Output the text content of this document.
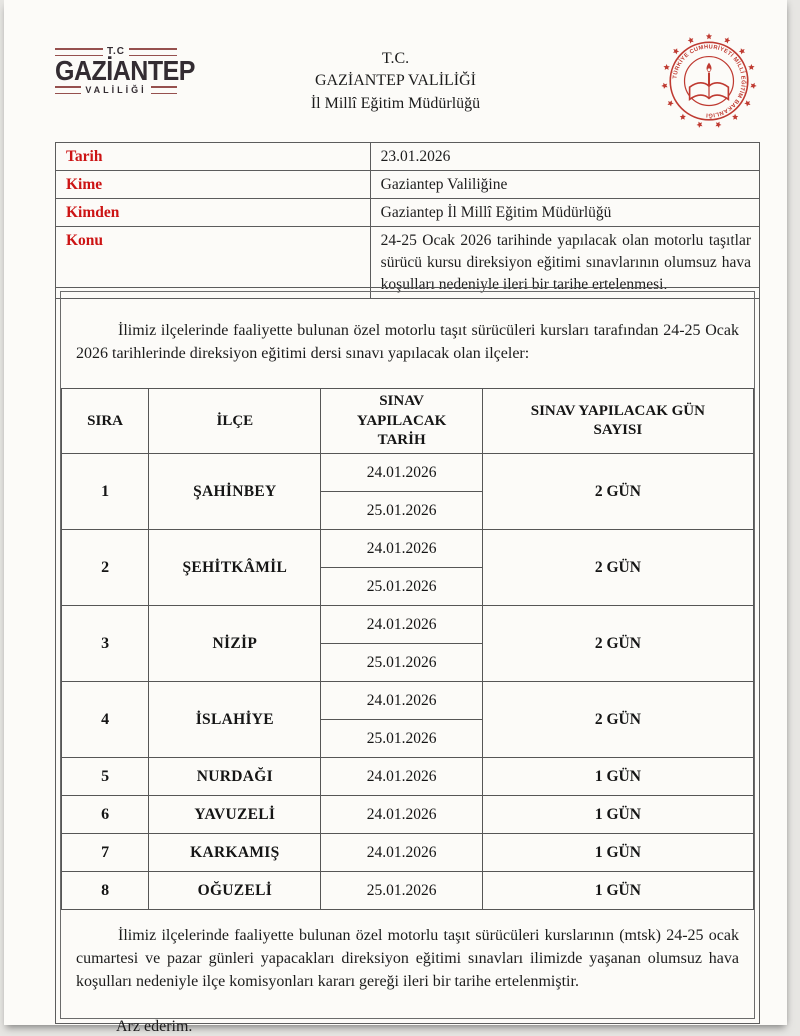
T.C
GAZİANTEP
VALİLİĞİ
T.C.
GAZİANTEP VALİLİĞİ
İl Millî Eğitim Müdürlüğü
TÜRKİYE CUMHURİYETİ MİLLÎ EĞİTİM BAKANLIĞI
Tarih	23.01.2026
Kime	Gaziantep Valiliğine
Kimden	Gaziantep İl Millî Eğitim Müdürlüğü
Konu	24-25 Ocak 2026 tarihinde yapılacak olan motorlu taşıtlar sürücü kursu direksiyon eğitimi sınavlarının olumsuz hava koşulları nedeniyle ileri bir tarihe ertelenmesi.

İlimiz ilçelerinde faaliyette bulunan özel motorlu taşıt sürücüleri kursları tarafından 24-25 Ocak 2026 tarihlerinde direksiyon eğitimi dersi sınavı yapılacak olan ilçeler:

SIRA	İLÇE	SINAV YAPILACAK TARİH	SINAV YAPILACAK GÜN SAYISI
1	ŞAHİNBEY	24.01.2026	2 GÜN
		25.01.2026	
2	ŞEHİTKÂMİL	24.01.2026	2 GÜN
		25.01.2026	
3	NİZİP	24.01.2026	2 GÜN
		25.01.2026	
4	İSLAHİYE	24.01.2026	2 GÜN
		25.01.2026	
5	NURDAĞI	24.01.2026	1 GÜN
6	YAVUZELİ	24.01.2026	1 GÜN
7	KARKAMIŞ	24.01.2026	1 GÜN
8	OĞUZELİ	25.01.2026	1 GÜN

İlimiz ilçelerinde faaliyette bulunan özel motorlu taşıt sürücüleri kurslarının (mtsk) 24-25 ocak cumartesi ve pazar günleri yapacakları direksiyon eğitimi sınavları ilimizde yaşanan olumsuz hava koşulları nedeniyle ilçe komisyonları kararı gereği ileri bir tarihe ertelenmiştir.

Arz ederim.
